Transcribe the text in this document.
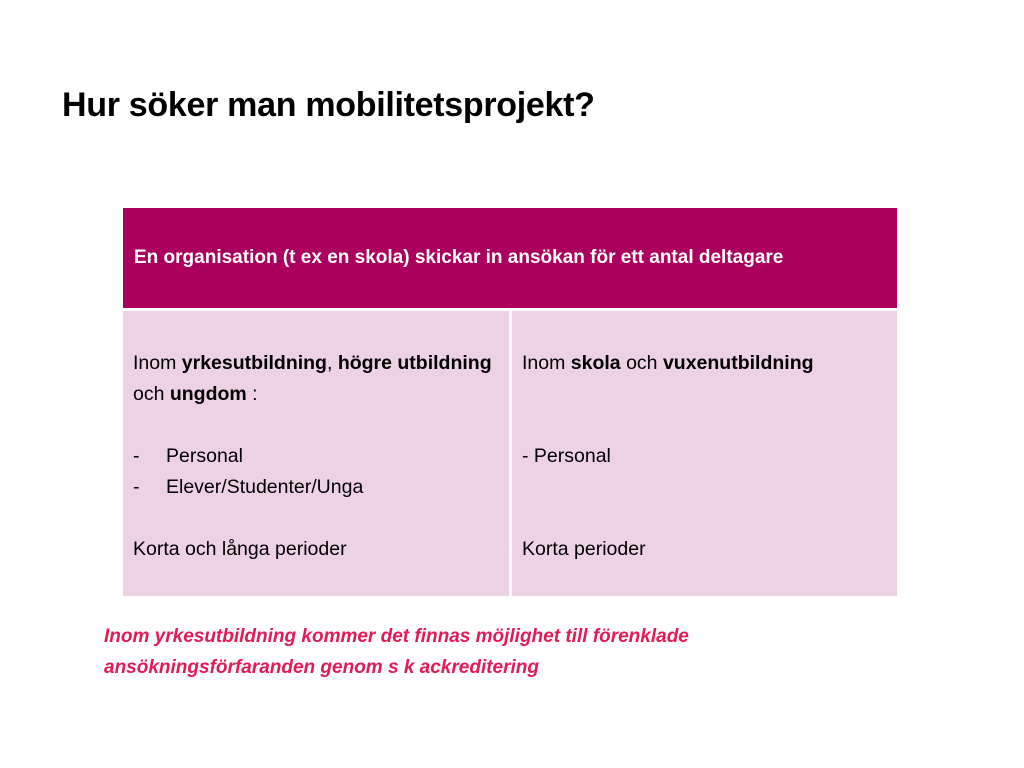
Hur söker man mobilitetsprojekt?
En organisation (t ex en skola) skickar in ansökan för ett antal deltagare

Inom yrkesutbildning, högre utbildning och ungdom :

-	Personal
-	Elever/Studenter/Unga

Korta och långa perioder

Inom skola och vuxenutbildning

- Personal

Korta perioder

Inom yrkesutbildning kommer det finnas möjlighet till förenklade ansökningsförfaranden genom s k ackreditering
